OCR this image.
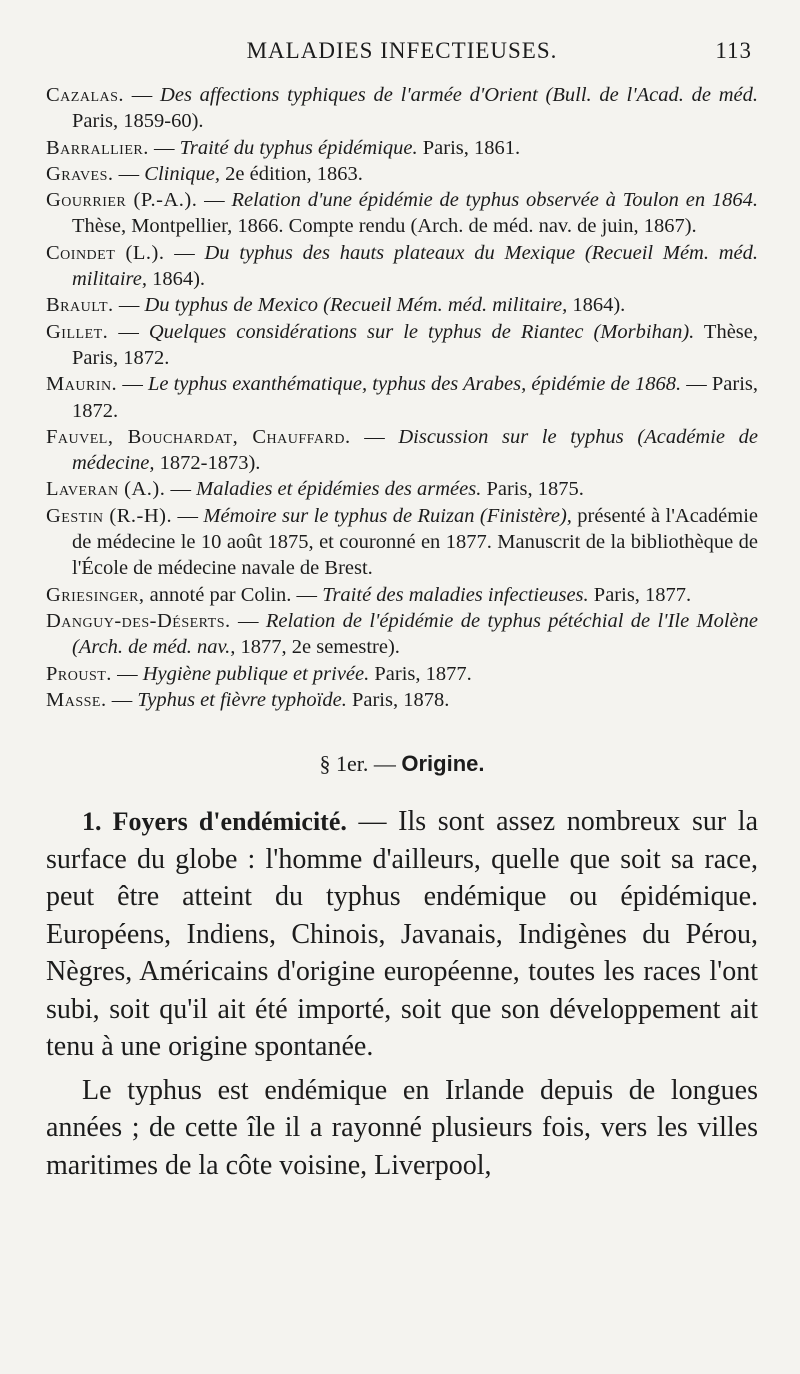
MALADIES INFECTIEUSES.	113
Cazalas. — Des affections typhiques de l'armée d'Orient (Bull. de l'Acad. de méd. Paris, 1859-60).
Barrallier. — Traité du typhus épidémique. Paris, 1861.
Graves. — Clinique, 2e édition, 1863.
Gourrier (P.-A.). — Relation d'une épidémie de typhus observée à Toulon en 1864. Thèse, Montpellier, 1866. Compte rendu (Arch. de méd. nav. de juin, 1867).
Coindet (L.). — Du typhus des hauts plateaux du Mexique (Recueil Mém. méd. militaire, 1864).
Brault. — Du typhus de Mexico (Recueil Mém. méd. militaire, 1864).
Gillet. — Quelques considérations sur le typhus de Riantec (Morbihan). Thèse, Paris, 1872.
Maurin. — Le typhus exanthématique, typhus des Arabes, épidémie de 1868. — Paris, 1872.
Fauvel, Bouchardat, Chauffard. — Discussion sur le typhus (Académie de médecine, 1872-1873).
Laveran (A.). — Maladies et épidémies des armées. Paris, 1875.
Gestin (R.-H). — Mémoire sur le typhus de Ruizan (Finistère), présenté à l'Académie de médecine le 10 août 1875, et couronné en 1877. Manuscrit de la bibliothèque de l'École de médecine navale de Brest.
Griesinger, annoté par Colin. — Traité des maladies infectieuses. Paris, 1877.
Danguy-des-Déserts. — Relation de l'épidémie de typhus pétéchial de l'Ile Molène (Arch. de méd. nav., 1877, 2e semestre).
Proust. — Hygiène publique et privée. Paris, 1877.
Masse. — Typhus et fièvre typhoïde. Paris, 1878.
§ 1er. — Origine.

1. Foyers d'endémicité. — Ils sont assez nombreux sur la surface du globe : l'homme d'ailleurs, quelle que soit sa race, peut être atteint du typhus endémique ou épidémique. Européens, Indiens, Chinois, Javanais, Indigènes du Pérou, Nègres, Américains d'origine européenne, toutes les races l'ont subi, soit qu'il ait été importé, soit que son développement ait tenu à une origine spontanée.

Le typhus est endémique en Irlande depuis de longues années ; de cette île il a rayonné plusieurs fois, vers les villes maritimes de la côte voisine, Liverpool,
